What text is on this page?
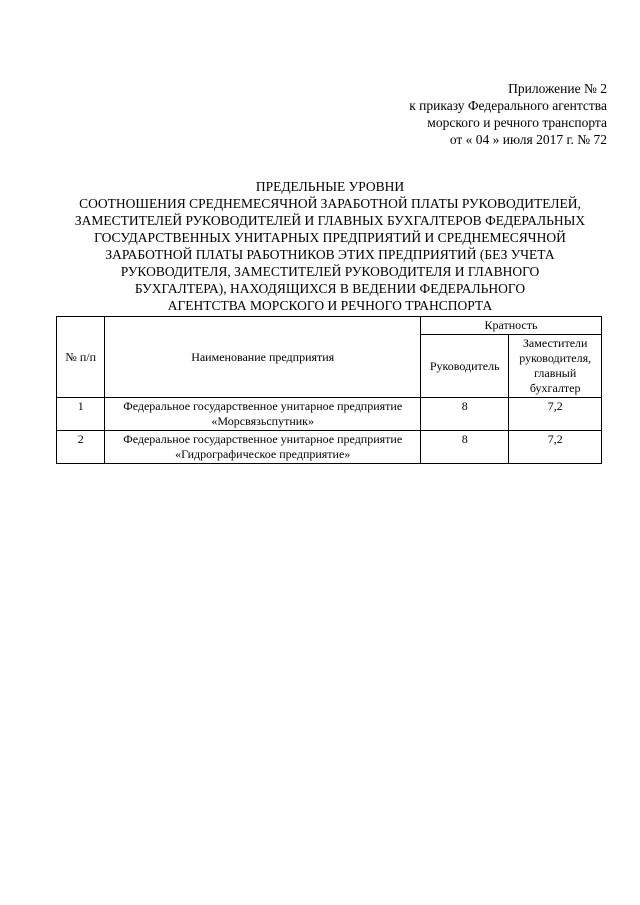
Приложение № 2
к приказу Федерального агентства
морского и речного транспорта
от « 04 » июля 2017 г. № 72
ПРЕДЕЛЬНЫЕ УРОВНИ
СООТНОШЕНИЯ СРЕДНЕМЕСЯЧНОЙ ЗАРАБОТНОЙ ПЛАТЫ РУКОВОДИТЕЛЕЙ,
ЗАМЕСТИТЕЛЕЙ РУКОВОДИТЕЛЕЙ И ГЛАВНЫХ БУХГАЛТЕРОВ ФЕДЕРАЛЬНЫХ
ГОСУДАРСТВЕННЫХ УНИТАРНЫХ ПРЕДПРИЯТИЙ И СРЕДНЕМЕСЯЧНОЙ
ЗАРАБОТНОЙ ПЛАТЫ РАБОТНИКОВ ЭТИХ ПРЕДПРИЯТИЙ (БЕЗ УЧЕТА
РУКОВОДИТЕЛЯ, ЗАМЕСТИТЕЛЕЙ РУКОВОДИТЕЛЯ И ГЛАВНОГО
БУХГАЛТЕРА), НАХОДЯЩИХСЯ В ВЕДЕНИИ ФЕДЕРАЛЬНОГО
АГЕНТСТВА МОРСКОГО И РЕЧНОГО ТРАНСПОРТА
№ п/п	Наименование предприятия	Кратность	
		Руководитель	Заместители руководителя, главный бухгалтер
1	Федеральное государственное унитарное предприятие «Морсвязьспутник»	8	7,2
2	Федеральное государственное унитарное предприятие «Гидрографическое предприятие»	8	7,2
